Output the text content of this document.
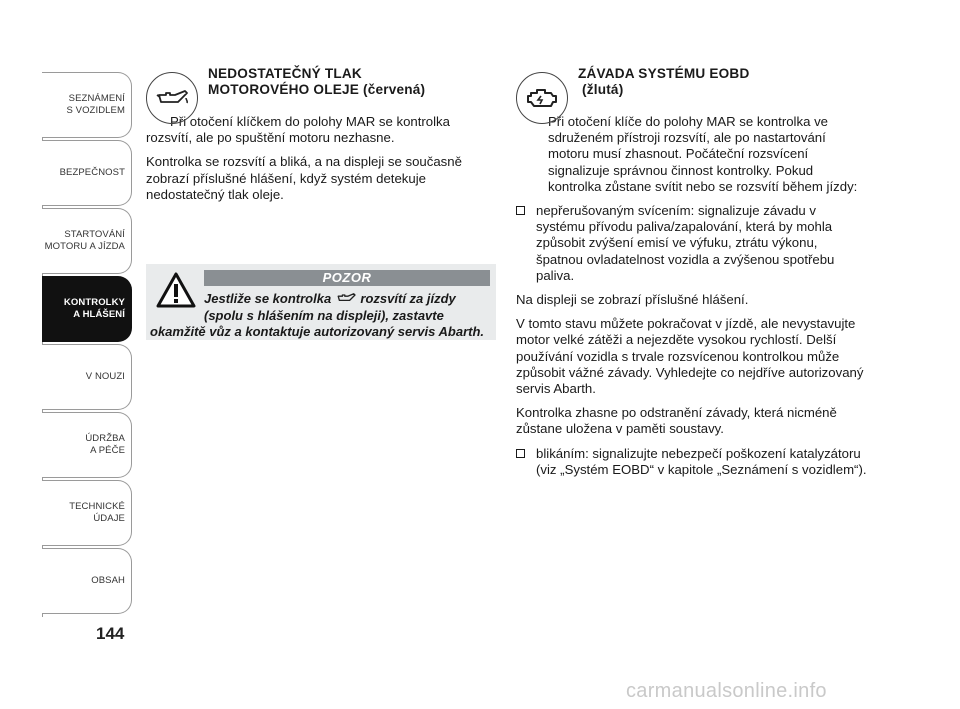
SEZNÁMENÍ
S VOZIDLEM
BEZPEČNOST
STARTOVÁNÍ
MOTORU A JÍZDA
KONTROLKY
A HLÁŠENÍ
V NOUZI
ÚDRŽBA
A PÉČE
TECHNICKÉ
ÚDAJE
OBSAH
144
NEDOSTATEČNÝ TLAK
MOTOROVÉHO OLEJE (červená)

Při otočení klíčkem do polohy MAR se kontrolka rozsvítí, ale po spuštění motoru nezhasne.

Kontrolka se rozsvítí a bliká, a na displeji se současně zobrazí příslušné hlášení, když systém detekuje nedostatečný tlak oleje.

POZOR
Jestliže se kontrolka rozsvítí za jízdy
(spolu s hlášením na displeji), zastavte
okamžitě vůz a kontaktuje autorizovaný servis Abarth.
ZÁVADA SYSTÉMU EOBD
(žlutá)

Při otočení klíče do polohy MAR se kontrolka ve sdruženém přístroji rozsvítí, ale po nastartování motoru musí zhasnout. Počáteční rozsvícení signalizuje správnou činnost kontrolky. Pokud kontrolka zůstane svítit nebo se rozsvítí během jízdy:

nepřerušovaným svícením: signalizuje závadu v systému přívodu paliva/zapalování, která by mohla způsobit zvýšení emisí ve výfuku, ztrátu výkonu, špatnou ovladatelnost vozidla a zvýšenou spotřebu paliva.

Na displeji se zobrazí příslušné hlášení.

V tomto stavu můžete pokračovat v jízdě, ale nevystavujte motor velké zátěži a nejezděte vysokou rychlostí. Delší používání vozidla s trvale rozsvícenou kontrolkou může způsobit vážné závady. Vyhledejte co nejdříve autorizovaný servis Abarth.

Kontrolka zhasne po odstranění závady, která nicméně zůstane uložena v paměti soustavy.

blikáním: signalizujte nebezpečí poškození katalyzátoru (viz „Systém EOBD“ v kapitole „Seznámení s vozidlem“).
carmanualsonline.info
